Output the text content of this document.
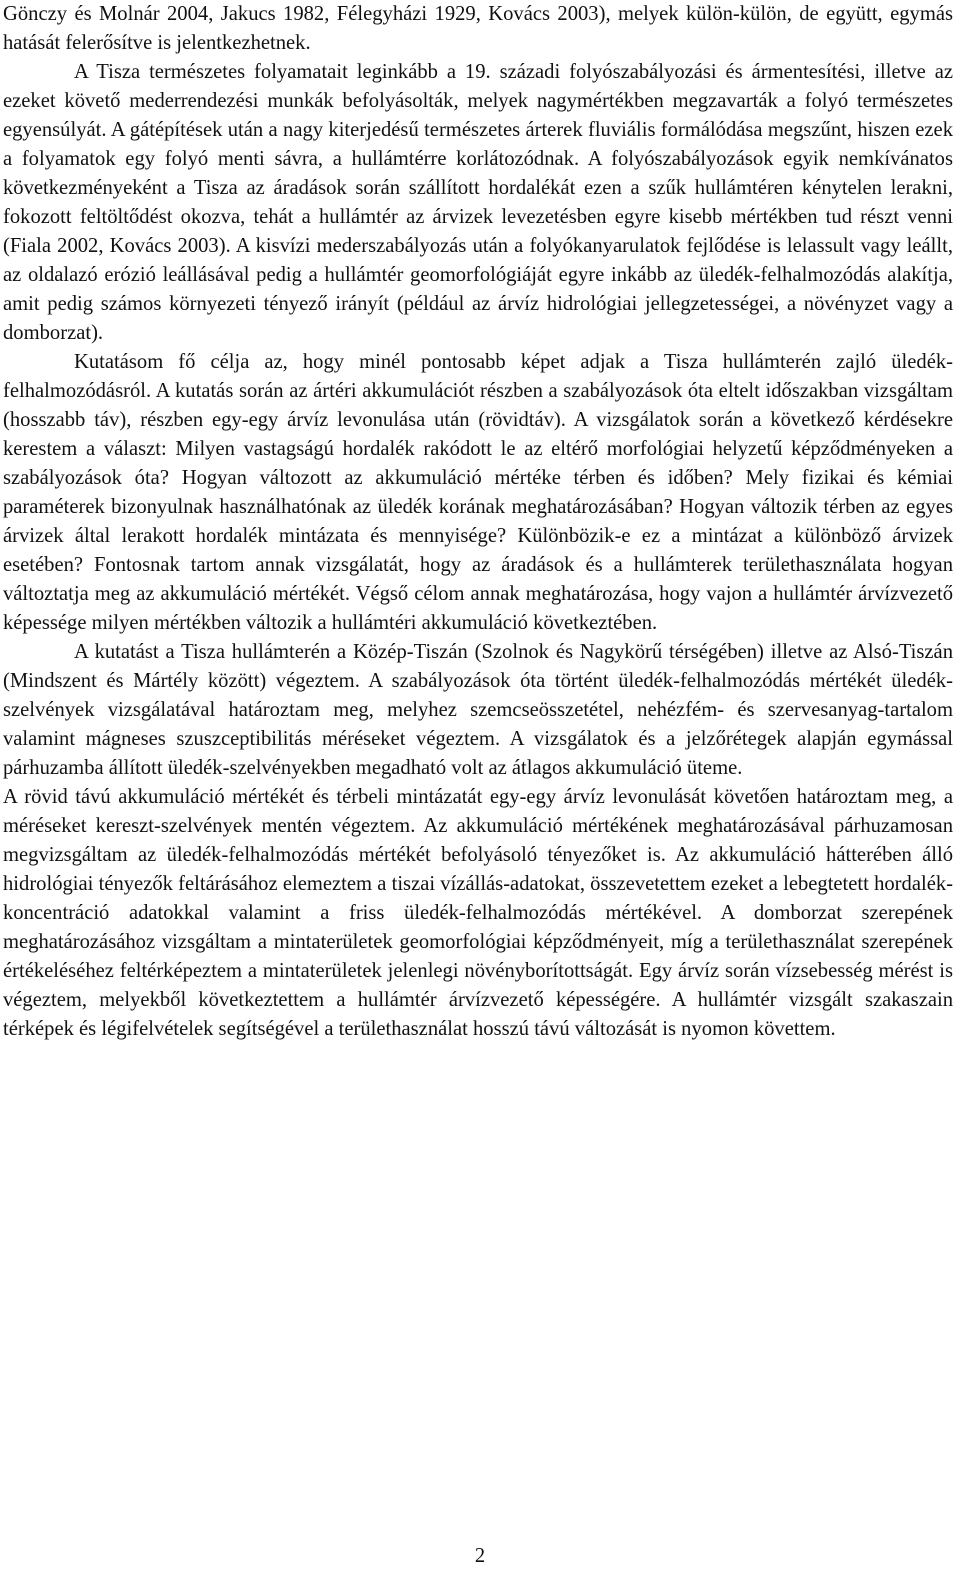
Gönczy és Molnár 2004, Jakucs 1982, Félegyházi 1929, Kovács 2003), melyek külön-külön, de együtt, egymás hatását felerősítve is jelentkezhetnek.

A Tisza természetes folyamatait leginkább a 19. századi folyószabályozási és ármentesítési, illetve az ezeket követő mederrendezési munkák befolyásolták, melyek nagymértékben megzavarták a folyó természetes egyensúlyát. A gátépítések után a nagy kiterjedésű természetes árterek fluviális formálódása megszűnt, hiszen ezek a folyamatok egy folyó menti sávra, a hullámtérre korlátozódnak. A folyószabályozások egyik nemkívánatos következményeként a Tisza az áradások során szállított hordalékát ezen a szűk hullámtéren kénytelen lerakni, fokozott feltöltődést okozva, tehát a hullámtér az árvizek levezetésben egyre kisebb mértékben tud részt venni (Fiala 2002, Kovács 2003). A kisvízi mederszabályozás után a folyókanyarulatok fejlődése is lelassult vagy leállt, az oldalazó erózió leállásával pedig a hullámtér geomorfológiáját egyre inkább az üledék-felhalmozódás alakítja, amit pedig számos környezeti tényező irányít (például az árvíz hidrológiai jellegzetességei, a növényzet vagy a domborzat).

Kutatásom fő célja az, hogy minél pontosabb képet adjak a Tisza hullámterén zajló üledék-felhalmozódásról. A kutatás során az ártéri akkumulációt részben a szabályozások óta eltelt időszakban vizsgáltam (hosszabb táv), részben egy-egy árvíz levonulása után (rövidtáv). A vizsgálatok során a következő kérdésekre kerestem a választ: Milyen vastagságú hordalék rakódott le az eltérő morfológiai helyzetű képződményeken a szabályozások óta? Hogyan változott az akkumuláció mértéke térben és időben? Mely fizikai és kémiai paraméterek bizonyulnak használhatónak az üledék korának meghatározásában? Hogyan változik térben az egyes árvizek által lerakott hordalék mintázata és mennyisége? Különbözik-e ez a mintázat a különböző árvizek esetében? Fontosnak tartom annak vizsgálatát, hogy az áradások és a hullámterek területhasználata hogyan változtatja meg az akkumuláció mértékét. Végső célom annak meghatározása, hogy vajon a hullámtér árvízvezető képessége milyen mértékben változik a hullámtéri akkumuláció következtében.

A kutatást a Tisza hullámterén a Közép-Tiszán (Szolnok és Nagykörű térségében) illetve az Alsó-Tiszán (Mindszent és Mártély között) végeztem. A szabályozások óta történt üledék-felhalmozódás mértékét üledék-szelvények vizsgálatával határoztam meg, melyhez szemcseösszetétel, nehézfém- és szervesanyag-tartalom valamint mágneses szuszceptibilitás méréseket végeztem. A vizsgálatok és a jelzőrétegek alapján egymással párhuzamba állított üledék-szelvényekben megadható volt az átlagos akkumuláció üteme.

A rövid távú akkumuláció mértékét és térbeli mintázatát egy-egy árvíz levonulását követően határoztam meg, a méréseket kereszt-szelvények mentén végeztem. Az akkumuláció mértékének meghatározásával párhuzamosan megvizsgáltam az üledék-felhalmozódás mértékét befolyásoló tényezőket is. Az akkumuláció hátterében álló hidrológiai tényezők feltárásához elemeztem a tiszai vízállás-adatokat, összevetettem ezeket a lebegtetett hordalék-koncentráció adatokkal valamint a friss üledék-felhalmozódás mértékével. A domborzat szerepének meghatározásához vizsgáltam a mintaterületek geomorfológiai képződményeit, míg a területhasználat szerepének értékeléséhez feltérképeztem a mintaterületek jelenlegi növényborítottságát. Egy árvíz során vízsebesség mérést is végeztem, melyekből következtettem a hullámtér árvízvezető képességére. A hullámtér vizsgált szakaszain térképek és légifelvételek segítségével a területhasználat hosszú távú változását is nyomon követtem.

2
